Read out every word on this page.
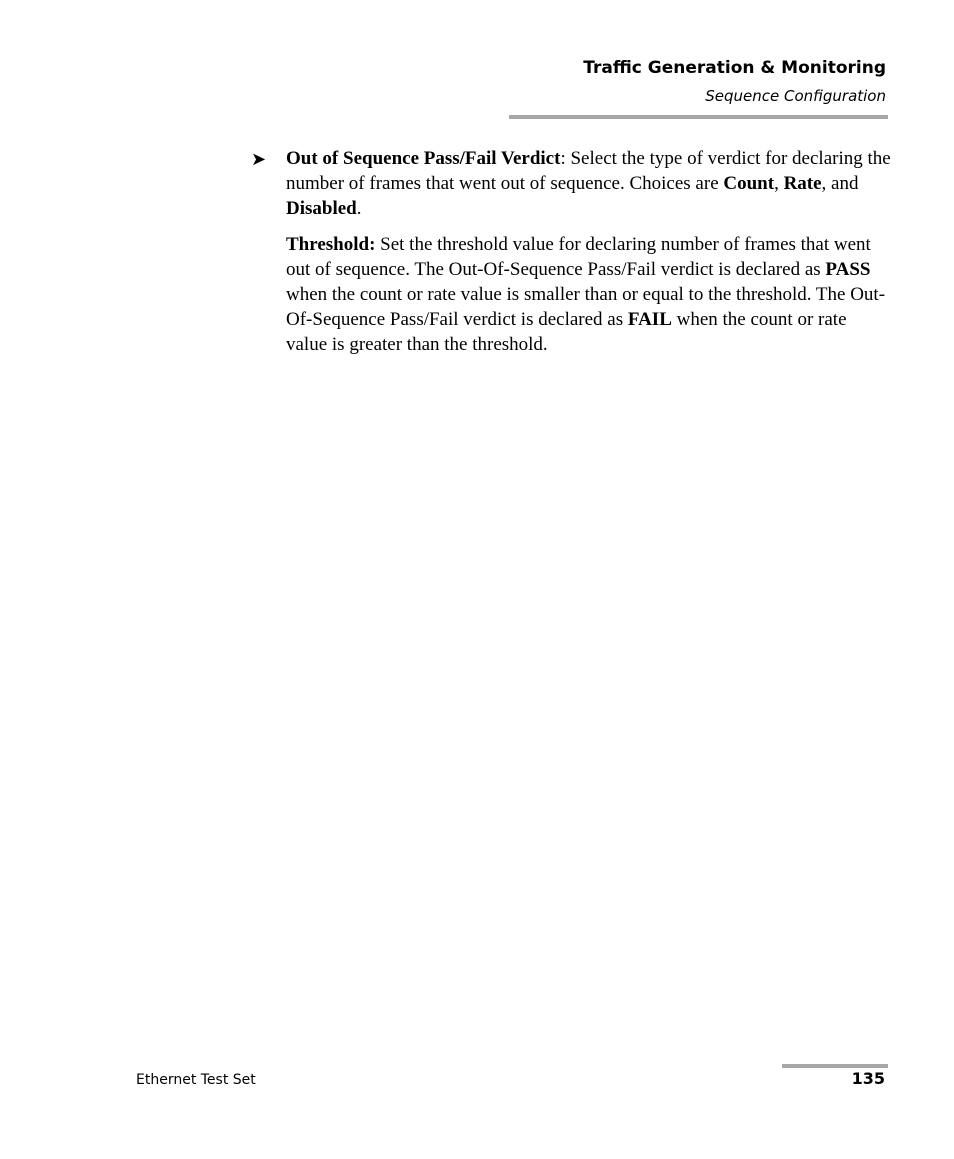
Traffic Generation & Monitoring
Sequence Configuration

➤ Out of Sequence Pass/Fail Verdict: Select the type of verdict for declaring the number of frames that went out of sequence. Choices are Count, Rate, and Disabled.

Threshold: Set the threshold value for declaring number of frames that went out of sequence. The Out-Of-Sequence Pass/Fail verdict is declared as PASS when the count or rate value is smaller than or equal to the threshold. The Out-Of-Sequence Pass/Fail verdict is declared as FAIL when the count or rate value is greater than the threshold.

Ethernet Test Set	135
